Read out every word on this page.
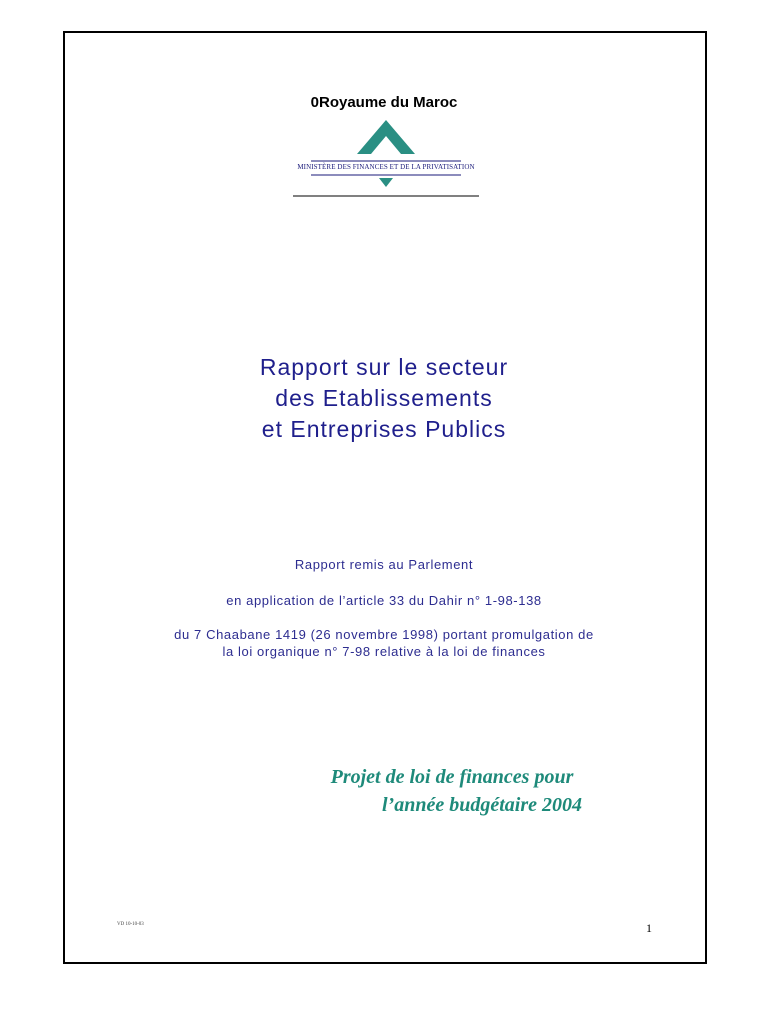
0Royaume du Maroc
MINISTÈRE DES FINANCES ET DE LA PRIVATISATION
Rapport sur le secteur
des Etablissements
et Entreprises Publics
Rapport remis au Parlement
en application de l’article 33 du Dahir n° 1-98-138
du 7 Chaabane 1419 (26 novembre 1998) portant promulgation de
la loi organique n° 7-98 relative à la loi de finances
Projet de loi de finances pour
l’année budgétaire 2004
VD 10-10-03	1
